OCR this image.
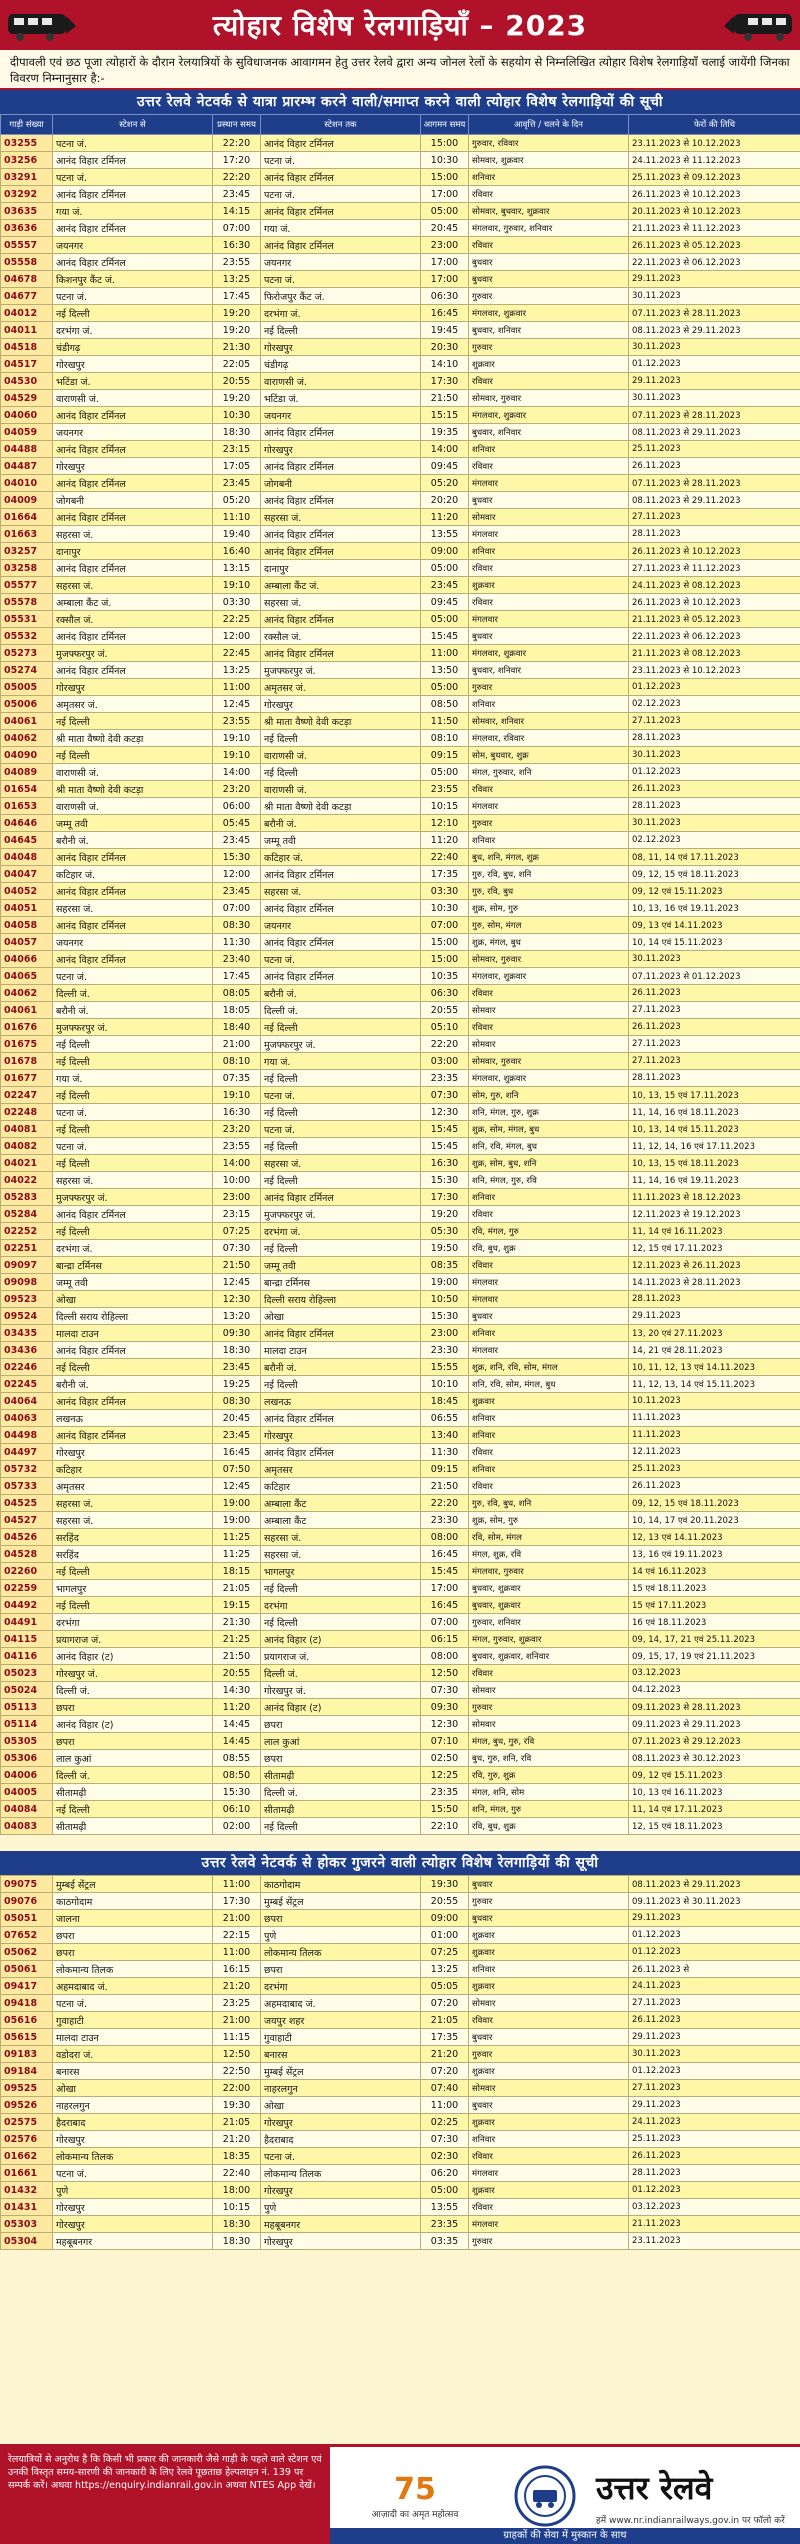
त्योहार विशेष रेलगाड़ियाँ – 2023
दीपावली एवं छठ पूजा त्योहारों के दौरान रेलयात्रियों के सुविधाजनक आवागमन हेतु उत्तर रेलवे द्वारा अन्य जोनल रेलों के सहयोग से निम्नलिखित त्योहार विशेष रेलगाड़ियाँ चलाई जायेंगी जिनका विवरण निम्नानुसार है:-
उत्तर रेलवे नेटवर्क से यात्रा प्रारम्भ करने वाली/समाप्त करने वाली त्योहार विशेष रेलगाड़ियों की सूची
गाड़ी संख्या	स्टेशन से	प्रस्थान समय	स्टेशन तक	आगमन समय	आवृत्ति / चलने के दिन	फेरों की तिथि
03255	पटना जं.	22:20	आनंद विहार टर्मिनल	15:00	गुरुवार, रविवार	23.11.2023 से 10.12.2023
03256	आनंद विहार टर्मिनल	17:20	पटना जं.	10:30	सोमवार, शुक्रवार	24.11.2023 से 11.12.2023
03291	पटना जं.	22:20	आनंद विहार टर्मिनल	15:00	शनिवार	25.11.2023 से 09.12.2023
03292	आनंद विहार टर्मिनल	23:45	पटना जं.	17:00	रविवार	26.11.2023 से 10.12.2023
03635	गया जं.	14:15	आनंद विहार टर्मिनल	05:00	सोमवार, बुधवार, शुक्रवार	20.11.2023 से 10.12.2023
03636	आनंद विहार टर्मिनल	07:00	गया जं.	20:45	मंगलवार, गुरुवार, शनिवार	21.11.2023 से 11.12.2023
05557	जयनगर	16:30	आनंद विहार टर्मिनल	23:00	रविवार	26.11.2023 से 05.12.2023
05558	आनंद विहार टर्मिनल	23:55	जयनगर	17:00	बुधवार	22.11.2023 से 06.12.2023
04678	किशनपुर कैंट जं.	13:25	पटना जं.	17:00	बुधवार	29.11.2023
04677	पटना जं.	17:45	फिरोजपुर कैंट जं.	06:30	गुरुवार	30.11.2023
04012	नई दिल्ली	19:20	दरभंगा जं.	16:45	मंगलवार, शुक्रवार	07.11.2023 से 28.11.2023
04011	दरभंगा जं.	19:20	नई दिल्ली	19:45	बुधवार, शनिवार	08.11.2023 से 29.11.2023
04518	चंडीगढ़	21:30	गोरखपुर	20:30	गुरुवार	30.11.2023
04517	गोरखपुर	22:05	चंडीगढ़	14:10	शुक्रवार	01.12.2023
04530	भटिंडा जं.	20:55	वाराणसी जं.	17:30	रविवार	29.11.2023
04529	वाराणसी जं.	19:20	भटिंडा जं.	21:50	सोमवार, गुरुवार	30.11.2023
04060	आनंद विहार टर्मिनल	10:30	जयनगर	15:15	मंगलवार, शुक्रवार	07.11.2023 से 28.11.2023
04059	जयनगर	18:30	आनंद विहार टर्मिनल	19:35	बुधवार, शनिवार	08.11.2023 से 29.11.2023
04488	आनंद विहार टर्मिनल	23:15	गोरखपुर	14:00	शनिवार	25.11.2023
04487	गोरखपुर	17:05	आनंद विहार टर्मिनल	09:45	रविवार	26.11.2023
04010	आनंद विहार टर्मिनल	23:45	जोगबनी	05:20	मंगलवार	07.11.2023 से 28.11.2023
04009	जोगबनी	05:20	आनंद विहार टर्मिनल	20:20	बुधवार	08.11.2023 से 29.11.2023
01664	आनंद विहार टर्मिनल	11:10	सहरसा जं.	11:20	सोमवार	27.11.2023
01663	सहरसा जं.	19:40	आनंद विहार टर्मिनल	13:55	मंगलवार	28.11.2023
03257	दानापुर	16:40	आनंद विहार टर्मिनल	09:00	शनिवार	26.11.2023 से 10.12.2023
03258	आनंद विहार टर्मिनल	13:15	दानापुर	05:00	रविवार	27.11.2023 से 11.12.2023
05577	सहरसा जं.	19:10	अम्बाला कैंट जं.	23:45	शुक्रवार	24.11.2023 से 08.12.2023
05578	अम्बाला कैंट जं.	03:30	सहरसा जं.	09:45	रविवार	26.11.2023 से 10.12.2023
05531	रक्सौल जं.	22:25	आनंद विहार टर्मिनल	05:00	मंगलवार	21.11.2023 से 05.12.2023
05532	आनंद विहार टर्मिनल	12:00	रक्सौल जं.	15:45	बुधवार	22.11.2023 से 06.12.2023
05273	मुजफ्फरपुर जं.	22:45	आनंद विहार टर्मिनल	11:00	मंगलवार, शुक्रवार	21.11.2023 से 08.12.2023
05274	आनंद विहार टर्मिनल	13:25	मुजफ्फरपुर जं.	13:50	बुधवार, शनिवार	23.11.2023 से 10.12.2023
05005	गोरखपुर	11:00	अमृतसर जं.	05:00	गुरुवार	01.12.2023
05006	अमृतसर जं.	12:45	गोरखपुर	08:50	शनिवार	02.12.2023
04061	नई दिल्ली	23:55	श्री माता वैष्णो देवी कटड़ा	11:50	सोमवार, शनिवार	27.11.2023
04062	श्री माता वैष्णो देवी कटड़ा	19:10	नई दिल्ली	08:10	मंगलवार, रविवार	28.11.2023
04090	नई दिल्ली	19:10	वाराणसी जं.	09:15	सोम, बुधवार, शुक्र	30.11.2023
04089	वाराणसी जं.	14:00	नई दिल्ली	05:00	मंगल, गुरुवार, शनि	01.12.2023
01654	श्री माता वैष्णो देवी कटड़ा	23:20	वाराणसी जं.	23:55	रविवार	26.11.2023
01653	वाराणसी जं.	06:00	श्री माता वैष्णो देवी कटड़ा	10:15	मंगलवार	28.11.2023
04646	जम्मू तवी	05:45	बरौनी जं.	12:10	गुरुवार	30.11.2023
04645	बरौनी जं.	23:45	जम्मू तवी	11:20	शनिवार	02.12.2023
04048	आनंद विहार टर्मिनल	15:30	कटिहार जं.	22:40	बुध, शनि, मंगल, शुक्र	08, 11, 14 एवं 17.11.2023
04047	कटिहार जं.	12:00	आनंद विहार टर्मिनल	17:35	गुरु, रवि, बुध, शनि	09, 12, 15 एवं 18.11.2023
04052	आनंद विहार टर्मिनल	23:45	सहरसा जं.	03:30	गुरु, रवि, बुध	09, 12 एवं 15.11.2023
04051	सहरसा जं.	07:00	आनंद विहार टर्मिनल	10:30	शुक्र, सोम, गुरु	10, 13, 16 एवं 19.11.2023
04058	आनंद विहार टर्मिनल	08:30	जयनगर	07:00	गुरु, सोम, मंगल	09, 13 एवं 14.11.2023
04057	जयनगर	11:30	आनंद विहार टर्मिनल	15:00	शुक्र, मंगल, बुध	10, 14 एवं 15.11.2023
04066	आनंद विहार टर्मिनल	23:40	पटना जं.	15:00	सोमवार, गुरुवार	30.11.2023
04065	पटना जं.	17:45	आनंद विहार टर्मिनल	10:35	मंगलवार, शुक्रवार	07.11.2023 से 01.12.2023
04062	दिल्ली जं.	08:05	बरौनी जं.	06:30	रविवार	26.11.2023
04061	बरौनी जं.	18:05	दिल्ली जं.	20:55	सोमवार	27.11.2023
01676	मुजफ्फरपुर जं.	18:40	नई दिल्ली	05:10	रविवार	26.11.2023
01675	नई दिल्ली	21:00	मुजफ्फरपुर जं.	22:20	सोमवार	27.11.2023
01678	नई दिल्ली	08:10	गया जं.	03:00	सोमवार, गुरुवार	27.11.2023
01677	गया जं.	07:35	नई दिल्ली	23:35	मंगलवार, शुक्रवार	28.11.2023
02247	नई दिल्ली	19:10	पटना जं.	07:30	सोम, गुरु, शनि	10, 13, 15 एवं 17.11.2023
02248	पटना जं.	16:30	नई दिल्ली	12:30	शनि, मंगल, गुरु, शुक्र	11, 14, 16 एवं 18.11.2023
04081	नई दिल्ली	23:20	पटना जं.	15:45	शुक्र, सोम, मंगल, बुध	10, 13, 14 एवं 15.11.2023
04082	पटना जं.	23:55	नई दिल्ली	15:45	शनि, रवि, मंगल, बुध	11, 12, 14, 16 एवं 17.11.2023
04021	नई दिल्ली	14:00	सहरसा जं.	16:30	शुक्र, सोम, बुध, शनि	10, 13, 15 एवं 18.11.2023
04022	सहरसा जं.	10:00	नई दिल्ली	15:30	शनि, मंगल, गुरु, रवि	11, 14, 16 एवं 19.11.2023
05283	मुजफ्फरपुर जं.	23:00	आनंद विहार टर्मिनल	17:30	शनिवार	11.11.2023 से 18.12.2023
05284	आनंद विहार टर्मिनल	23:15	मुजफ्फरपुर जं.	19:20	रविवार	12.11.2023 से 19.12.2023
02252	नई दिल्ली	07:25	दरभंगा जं.	05:30	रवि, मंगल, गुरु	11, 14 एवं 16.11.2023
02251	दरभंगा जं.	07:30	नई दिल्ली	19:50	रवि, बुध, शुक्र	12, 15 एवं 17.11.2023
09097	बान्द्रा टर्मिनस	21:50	जम्मू तवी	08:35	रविवार	12.11.2023 से 26.11.2023
09098	जम्मू तवी	12:45	बान्द्रा टर्मिनस	19:00	मंगलवार	14.11.2023 से 28.11.2023
09523	ओखा	12:30	दिल्ली सराय रोहिल्ला	10:50	मंगलवार	28.11.2023
09524	दिल्ली सराय रोहिल्ला	13:20	ओखा	15:30	बुधवार	29.11.2023
03435	मालदा टाउन	09:30	आनंद विहार टर्मिनल	23:00	शनिवार	13, 20 एवं 27.11.2023
03436	आनंद विहार टर्मिनल	18:30	मालदा टाउन	23:30	मंगलवार	14, 21 एवं 28.11.2023
02246	नई दिल्ली	23:45	बरौनी जं.	15:55	शुक्र, शनि, रवि, सोम, मंगल	10, 11, 12, 13 एवं 14.11.2023
02245	बरौनी जं.	19:25	नई दिल्ली	10:10	शनि, रवि, सोम, मंगल, बुध	11, 12, 13, 14 एवं 15.11.2023
04064	आनंद विहार टर्मिनल	08:30	लखनऊ	18:45	शुक्रवार	10.11.2023
04063	लखनऊ	20:45	आनंद विहार टर्मिनल	06:55	शनिवार	11.11.2023
04498	आनंद विहार टर्मिनल	23:45	गोरखपुर	13:40	शनिवार	11.11.2023
04497	गोरखपुर	16:45	आनंद विहार टर्मिनल	11:30	रविवार	12.11.2023
05732	कटिहार	07:50	अमृतसर	09:15	शनिवार	25.11.2023
05733	अमृतसर	12:45	कटिहार	21:50	रविवार	26.11.2023
04525	सहरसा जं.	19:00	अम्बाला कैंट	22:20	गुरु, रवि, बुध, शनि	09, 12, 15 एवं 18.11.2023
04527	सहरसा जं.	19:00	अम्बाला कैंट	23:30	शुक्र, सोम, गुरु	10, 14, 17 एवं 20.11.2023
04526	सरहिंद	11:25	सहरसा जं.	08:00	रवि, सोम, मंगल	12, 13 एवं 14.11.2023
04528	सरहिंद	11:25	सहरसा जं.	16:45	मंगल, शुक्र, रवि	13, 16 एवं 19.11.2023
02260	नई दिल्ली	18:15	भागलपुर	15:45	मंगलवार, गुरुवार	14 एवं 16.11.2023
02259	भागलपुर	21:05	नई दिल्ली	17:00	बुधवार, शुक्रवार	15 एवं 18.11.2023
04492	नई दिल्ली	19:15	दरभंगा	16:45	बुधवार, शुक्रवार	15 एवं 17.11.2023
04491	दरभंगा	21:30	नई दिल्ली	07:00	गुरुवार, शनिवार	16 एवं 18.11.2023
04115	प्रयागराज जं.	21:25	आनंद विहार (ट)	06:15	मंगल, गुरुवार, शुक्रवार	09, 14, 17, 21 एवं 25.11.2023
04116	आनंद विहार (ट)	21:50	प्रयागराज जं.	08:00	बुधवार, शुक्रवार, शनिवार	09, 15, 17, 19 एवं 21.11.2023
05023	गोरखपुर जं.	20:55	दिल्ली जं.	12:50	रविवार	03.12.2023
05024	दिल्ली जं.	14:30	गोरखपुर जं.	07:30	सोमवार	04.12.2023
05113	छपरा	11:20	आनंद विहार (ट)	09:30	गुरुवार	09.11.2023 से 28.11.2023
05114	आनंद विहार (ट)	14:45	छपरा	12:30	सोमवार	09.11.2023 से 29.11.2023
05305	छपरा	14:45	लाल कुआं	07:10	मंगल, बुध, गुरु, रवि	07.11.2023 से 29.12.2023
05306	लाल कुआं	08:55	छपरा	02:50	बुध, गुरु, शनि, रवि	08.11.2023 से 30.12.2023
04006	दिल्ली जं.	08:50	सीतामढ़ी	12:25	रवि, गुरु, शुक्र	09, 12 एवं 15.11.2023
04005	सीतामढ़ी	15:30	दिल्ली जं.	23:35	मंगल, शनि, सोम	10, 13 एवं 16.11.2023
04084	नई दिल्ली	06:10	सीतामढ़ी	15:50	शनि, मंगल, गुरु	11, 14 एवं 17.11.2023
04083	सीतामढ़ी	02:00	नई दिल्ली	22:10	रवि, बुध, शुक्र	12, 15 एवं 18.11.2023
उत्तर रेलवे नेटवर्क से होकर गुजरने वाली त्योहार विशेष रेलगाड़ियों की सूची
09075	मुम्बई सेंट्रल	11:00	काठगोदाम	19:30	बुधवार	08.11.2023 से 29.11.2023
09076	काठगोदाम	17:30	मुम्बई सेंट्रल	20:55	गुरुवार	09.11.2023 से 30.11.2023
05051	जालना	21:00	छपरा	09:00	बुधवार	29.11.2023
07652	छपरा	22:15	पुणे	01:00	शुक्रवार	01.12.2023
05062	छपरा	11:00	लोकमान्य तिलक	07:25	शुक्रवार	01.12.2023
05061	लोकमान्य तिलक	16:15	छपरा	13:25	शनिवार	26.11.2023 से
09417	अहमदाबाद जं.	21:20	दरभंगा	05:05	शुक्रवार	24.11.2023
09418	पटना जं.	23:25	अहमदाबाद जं.	07:20	सोमवार	27.11.2023
05616	गुवाहाटी	21:00	जयपुर शहर	21:05	रविवार	26.11.2023
05615	मालदा टाउन	11:15	गुवाहाटी	17:35	बुधवार	29.11.2023
09183	वडोदरा जं.	12:50	बनारस	21:20	गुरुवार	30.11.2023
09184	बनारस	22:50	मुम्बई सेंट्रल	07:20	शुक्रवार	01.12.2023
09525	ओखा	22:00	नाहरलगुन	07:40	सोमवार	27.11.2023
09526	नाहरलगुन	19:30	ओखा	11:00	बुधवार	29.11.2023
02575	हैदराबाद	21:05	गोरखपुर	02:25	शुक्रवार	24.11.2023
02576	गोरखपुर	21:20	हैदराबाद	07:30	शनिवार	25.11.2023
01662	लोकमान्य तिलक	18:35	पटना जं.	02:30	रविवार	26.11.2023
01661	पटना जं.	22:40	लोकमान्य तिलक	06:20	मंगलवार	28.11.2023
01432	पुणे	18:00	गोरखपुर	05:00	शुक्रवार	01.12.2023
01431	गोरखपुर	10:15	पुणे	13:55	रविवार	03.12.2023
05303	गोरखपुर	18:30	महबूबनगर	23:35	मंगलवार	21.11.2023
05304	महबूबनगर	18:30	गोरखपुर	03:35	गुरुवार	23.11.2023
रेलयात्रियों से अनुरोध है कि किसी भी प्रकार की जानकारी जैसे गाड़ी के पहले वाले स्टेशन एवं उनकी विस्तृत समय-सारणी की जानकारी के लिए रेलवे पूछताछ हेल्पलाइन नं. 139 पर सम्पर्क करें। अथवा https://enquiry.indianrail.gov.in अथवा NTES App देखें।	75
आज़ादी का अमृत महोत्सव
उत्तर रेलवे
हमें www.nr.indianrailways.gov.in पर फॉलो करें
ग्राहकों की सेवा में मुस्कान के साथ
